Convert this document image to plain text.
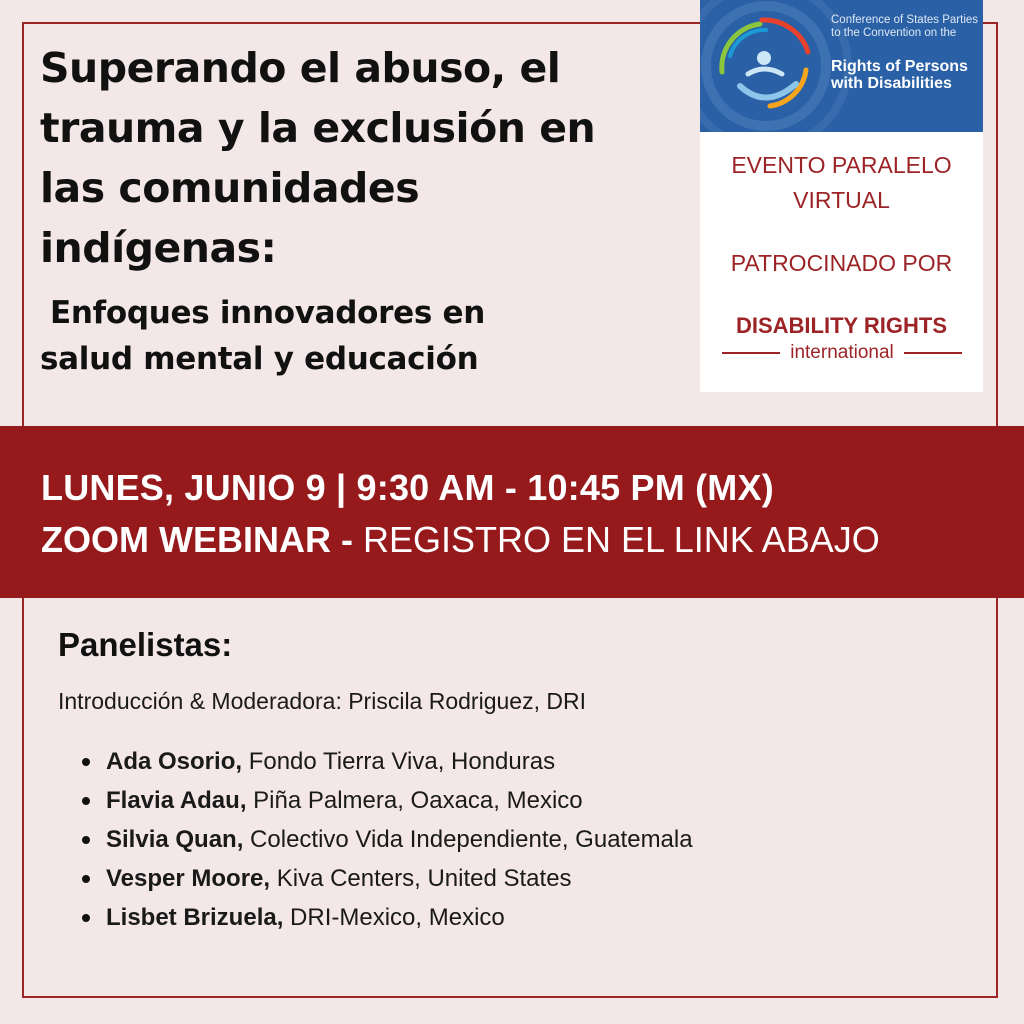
Superando el abuso, el trauma y la exclusión en las comunidades indígenas:
Enfoques innovadores en
salud mental y educación
Conference of States Parties to the Convention on the
Rights of Persons with Disabilities
EVENTO PARALELO VIRTUAL
PATROCINADO POR
DISABILITY RIGHTS
international

LUNES, JUNIO 9 | 9:30 AM - 10:45 PM (MX)

ZOOM WEBINAR - REGISTRO EN EL LINK ABAJO

Panelistas:

Introducción & Moderadora: Priscila Rodriguez, DRI

Ada Osorio, Fondo Tierra Viva, Honduras
Flavia Adau, Piña Palmera, Oaxaca, Mexico
Silvia Quan, Colectivo Vida Independiente, Guatemala
Vesper Moore, Kiva Centers, United States
Lisbet Brizuela, DRI-Mexico, Mexico
